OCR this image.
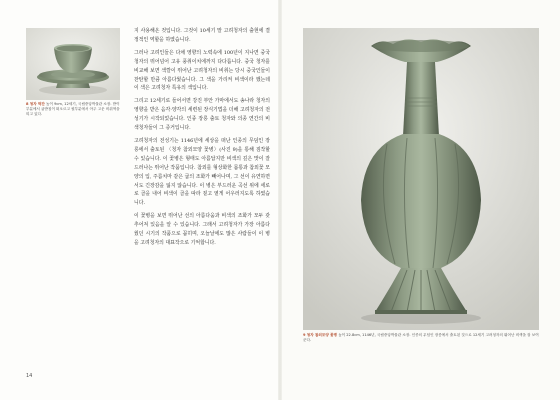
8 청자 탁잔 높이 9cm, 12세기, 국립중앙박물관 소장. 받이 부분에서 굽받침이 떠오르고 윗부분에서 아주 고운 비취색을 띠고 있다.

지 사용해온 것입니다. 그것이 10세기 말 고려청자의 출현에 결정적인 역할을 하였습니다.

그러나 고려인들은 다채 영향의 노력속에 100년이 지나면 중국청자의 뛰어넘어 고유 풍취이치에까지 다다릅니다. 중국 청자를 비교해 보면 색깔이 뛰어난 고려청자의 비취는 당시 중국인들이 찬탄할 만큼 아름다웠습니다. 그 색을 가리켜 비색이라 했는데 이 색은 고려청자 특유의 색입니다.

그리고 12세기로 들어서면 강진 부안 가마에서도 송나라 청자의 영향을 받은 음각·양각의 세련된 장식기법을 더해 고려청자의 전성기가 시작되었습니다. 인종 장릉 출토 청자와 의종 연간의 비색청자들이 그 증거입니다.

고려청자의 전성기는 1146년에 세상을 떠난 인종의 무덤인 장릉에서 출토된 〈청자 참외모양 꽃병〉(사진 9)을 통해 짐작할 수 있습니다. 이 꽃병은 형태도 아름답지만 비색의 깊은 맛이 잘 드러나는 뛰어난 작품입니다. 참외를 형상화한 몸통과 참외꽃 모양의 입, 주름치마 같은 굽의 조화가 빼어나며, 그 선이 유연하면서도 긴장감을 잃지 않습니다. 이 병은 부드러운 곡선 위에 세로로 골을 내어 비색이 골을 따라 짙고 옅게 어우러지도록 하였습니다.

이 꽃병을 보면 뛰어난 선의 아름다움과 비색의 조화가 모두 갖추어져 있음을 알 수 있습니다. 그래서 고려청자가 가장 아름다웠던 시기의 작품으로 꼽히며, 오늘날에도 많은 사람들이 이 병을 고려청자의 대표작으로 기억합니다.

14
9 청자 참외모양 꽃병 높이 22.8cm, 1146년, 국립중앙박물관 소장. 인종의 무덤인 장릉에서 출토된 것으로 12세기 고려청자의 뛰어난 비색을 잘 보여준다.
